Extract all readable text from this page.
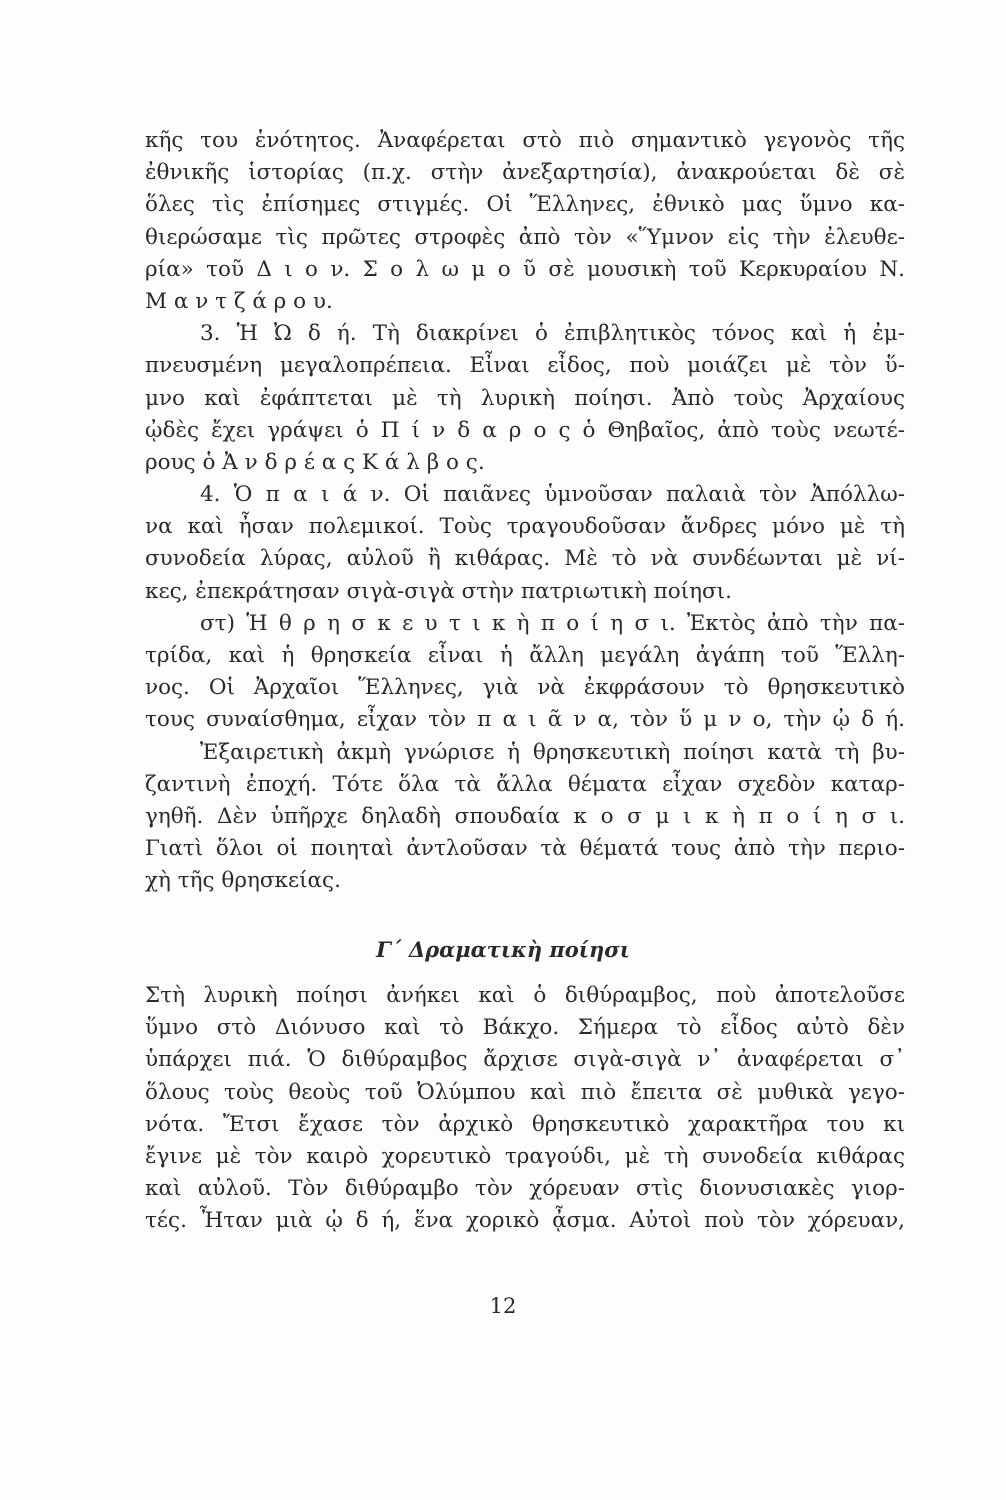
κῆς του ἑνότητος. Ἀναφέρεται στὸ πιὸ σημαντικὸ γεγονὸς τῆς
ἐθνικῆς ἱστορίας (π.χ. στὴν ἀνεξαρτησία), ἀνακρούεται δὲ σὲ
ὅλες τὶς ἐπίσημες στιγμές. Οἱ Ἕλληνες, ἐθνικὸ μας ὕμνο κα-
θιερώσαμε τὶς πρῶτες στροφὲς ἀπὸ τὸν «Ὕμνον εἰς τὴν ἐλευθε-
ρία» τοῦ Δ ι ο ν. Σ ο λ ω μ ο ῦ σὲ μουσικὴ τοῦ Κερκυραίου Ν.
Μ α ν τ ζ ά ρ ο υ.
3. Ἡ Ὠ δ ή. Τὴ διακρίνει ὁ ἐπιβλητικὸς τόνος καὶ ἡ ἐμ-
πνευσμένη μεγαλοπρέπεια. Εἶναι εἶδος, ποὺ μοιάζει μὲ τὸν ὕ-
μνο καὶ ἐφάπτεται μὲ τὴ λυρικὴ ποίησι. Ἀπὸ τοὺς Ἀρχαίους
ᾠδὲς ἔχει γράψει ὁ Π ί ν δ α ρ ο ς ὁ Θηβαῖος, ἀπὸ τοὺς νεωτέ-
ρους ὁ Ἀ ν δ ρ έ α ς Κ ά λ β ο ς.
4. Ὁ π α ι ά ν. Οἱ παιᾶνες ὑμνοῦσαν παλαιὰ τὸν Ἀπόλλω-
να καὶ ἦσαν πολεμικοί. Τοὺς τραγουδοῦσαν ἄνδρες μόνο μὲ τὴ
συνοδεία λύρας, αὐλοῦ ἢ κιθάρας. Μὲ τὸ νὰ συνδέωνται μὲ νί-
κες, ἐπεκράτησαν σιγὰ-σιγὰ στὴν πατριωτικὴ ποίησι.
στ) Ἡ θ ρ η σ κ ε υ τ ι κ ὴ π ο ί η σ ι. Ἐκτὸς ἀπὸ τὴν πα-
τρίδα, καὶ ἡ θρησκεία εἶναι ἡ ἄλλη μεγάλη ἀγάπη τοῦ Ἕλλη-
νος. Οἱ Ἀρχαῖοι Ἕλληνες, γιὰ νὰ ἐκφράσουν τὸ θρησκευτικὸ
τους συναίσθημα, εἶχαν τὸν π α ι ᾶ ν α, τὸν ὕ μ ν ο, τὴν ᾠ δ ή.
Ἐξαιρετικὴ ἀκμὴ γνώρισε ἡ θρησκευτικὴ ποίησι κατὰ τὴ βυ-
ζαντινὴ ἐποχή. Τότε ὅλα τὰ ἄλλα θέματα εἶχαν σχεδὸν καταρ-
γηθῆ. Δὲν ὑπῆρχε δηλαδὴ σπουδαία κ ο σ μ ι κ ὴ π ο ί η σ ι.
Γιατὶ ὅλοι οἱ ποιηταὶ ἀντλοῦσαν τὰ θέματά τους ἀπὸ τὴν περιο-
χὴ τῆς θρησκείας.
Γ΄ Δραματικὴ ποίησι
Στὴ λυρικὴ ποίησι ἀνήκει καὶ ὁ διθύραμβος, ποὺ ἀποτελοῦσε
ὕμνο στὸ Διόνυσο καὶ τὸ Βάκχο. Σήμερα τὸ εἶδος αὐτὸ δὲν
ὑπάρχει πιά. Ὁ διθύραμβος ἄρχισε σιγὰ-σιγὰ ν᾽ ἀναφέρεται σ᾽
ὅλους τοὺς θεοὺς τοῦ Ὀλύμπου καὶ πιὸ ἔπειτα σὲ μυθικὰ γεγο-
νότα. Ἔτσι ἔχασε τὸν ἀρχικὸ θρησκευτικὸ χαρακτῆρα του κι
ἔγινε μὲ τὸν καιρὸ χορευτικὸ τραγούδι, μὲ τὴ συνοδεία κιθάρας
καὶ αὐλοῦ. Τὸν διθύραμβο τὸν χόρευαν στὶς διονυσιακὲς γιορ-
τές. Ἦταν μιὰ ᾠ δ ή, ἕνα χορικὸ ᾆσμα. Αὐτοὶ ποὺ τὸν χόρευαν,
12
